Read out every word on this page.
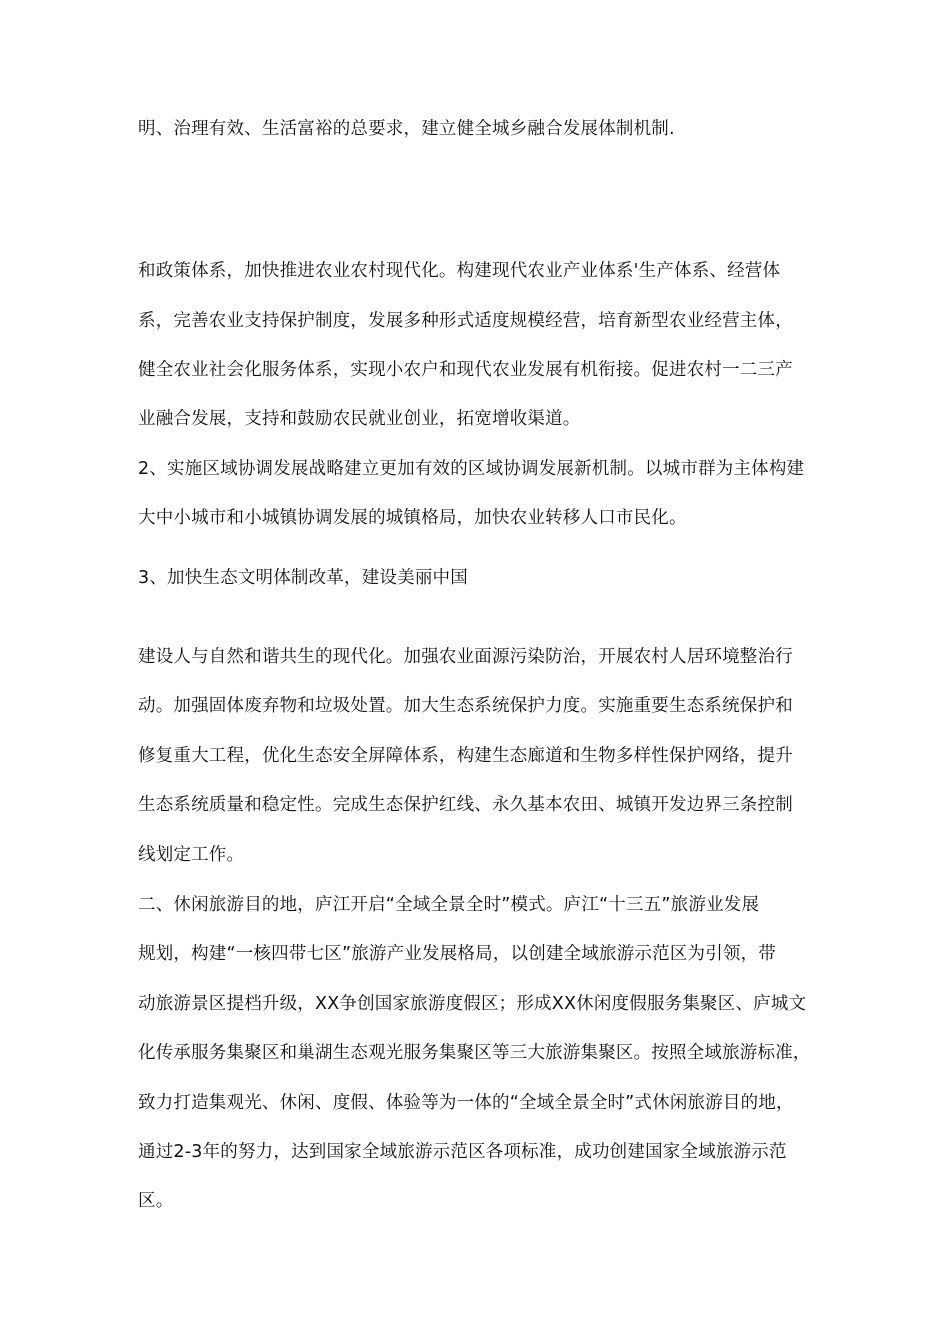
明、治理有效、生活富裕的总要求，建立健全城乡融合发展体制机制.
和政策体系，加快推进农业农村现代化。构建现代农业产业体系'生产体系、经营体
系，完善农业支持保护制度，发展多种形式适度规模经营，培育新型农业经营主体，
健全农业社会化服务体系，实现小农户和现代农业发展有机衔接。促进农村一二三产
业融合发展，支持和鼓励农民就业创业，拓宽增收渠道。
2、实施区域协调发展战略建立更加有效的区域协调发展新机制。以城市群为主体构建
大中小城市和小城镇协调发展的城镇格局，加快农业转移人口市民化。
3、加快生态文明体制改革，建设美丽中国
建设人与自然和谐共生的现代化。加强农业面源污染防治，开展农村人居环境整治行
动。加强固体废弃物和垃圾处置。加大生态系统保护力度。实施重要生态系统保护和
修复重大工程，优化生态安全屏障体系，构建生态廊道和生物多样性保护网络，提升
生态系统质量和稳定性。完成生态保护红线、永久基本农田、城镇开发边界三条控制
线划定工作。
二、休闲旅游目的地，庐江开启“全域全景全时”模式。庐江“十三五”旅游业发展
规划，构建“一核四带七区”旅游产业发展格局，以创建全域旅游示范区为引领，带
动旅游景区提档升级，XX争创国家旅游度假区；形成XX休闲度假服务集聚区、庐城文
化传承服务集聚区和巢湖生态观光服务集聚区等三大旅游集聚区。按照全域旅游标准，
致力打造集观光、休闲、度假、体验等为一体的“全域全景全时”式休闲旅游目的地，
通过2-3年的努力，达到国家全域旅游示范区各项标准，成功创建国家全域旅游示范
区。
